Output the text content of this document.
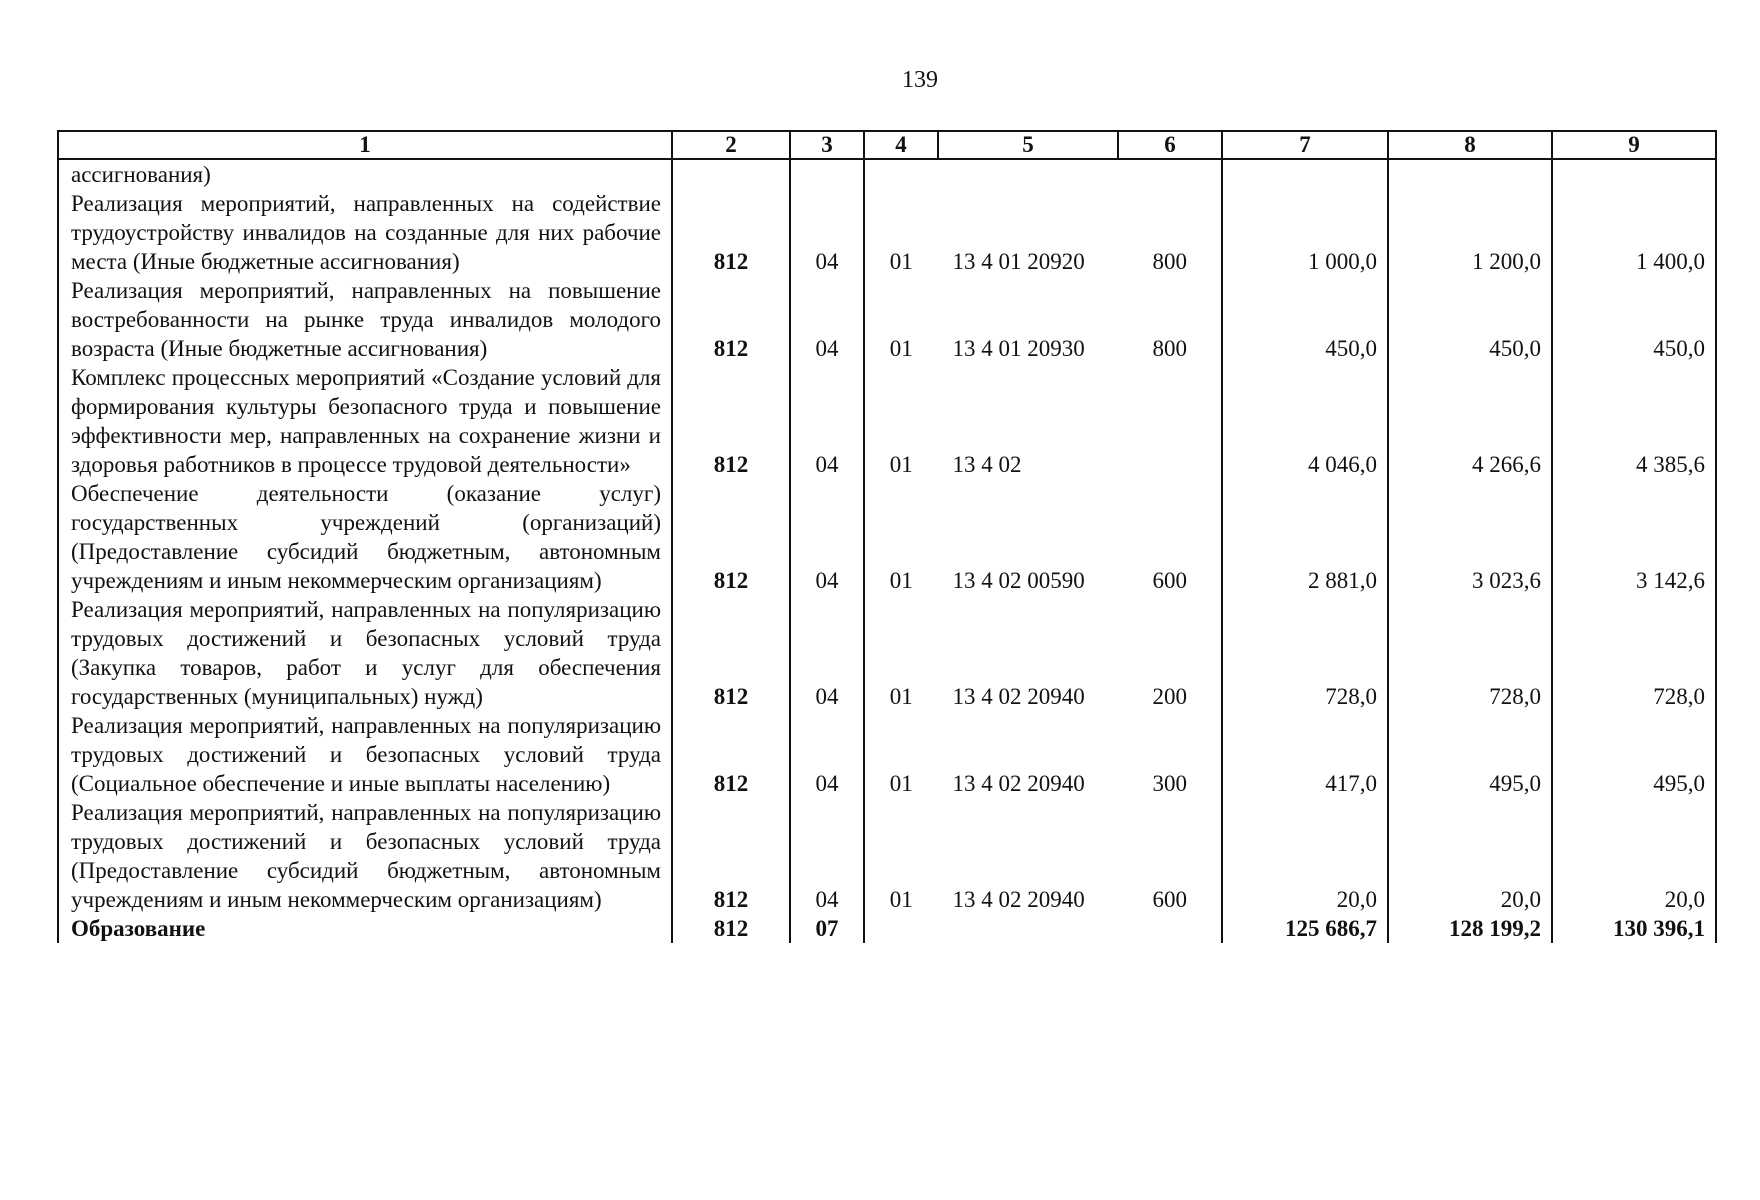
139
1	2	3	4	5	6	7	8	9
ассигнования)								
Реализация мероприятий, направленных на содействие трудоустройству инвалидов на созданные для них рабочие места (Иные бюджетные ассигнования)	812	04	01	13 4 01 20920	800	1 000,0	1 200,0	1 400,0
Реализация мероприятий, направленных на повышение востребованности на рынке труда инвалидов молодого возраста (Иные бюджетные ассигнования)	812	04	01	13 4 01 20930	800	450,0	450,0	450,0
Комплекс процессных мероприятий «Создание условий для формирования культуры безопасного труда и повышение эффективности мер, направленных на сохранение жизни и здоровья работников в процессе трудовой деятельности»	812	04	01	13 4 02		4 046,0	4 266,6	4 385,6
Обеспечение деятельности (оказание услуг) государственных учреждений (организаций) (Предоставление субсидий бюджетным, автономным учреждениям и иным некоммерческим организациям)	812	04	01	13 4 02 00590	600	2 881,0	3 023,6	3 142,6
Реализация мероприятий, направленных на популяризацию трудовых достижений и безопасных условий труда (Закупка товаров, работ и услуг для обеспечения государственных (муниципальных) нужд)	812	04	01	13 4 02 20940	200	728,0	728,0	728,0
Реализация мероприятий, направленных на популяризацию трудовых достижений и безопасных условий труда (Социальное обеспечение и иные выплаты населению)	812	04	01	13 4 02 20940	300	417,0	495,0	495,0
Реализация мероприятий, направленных на популяризацию трудовых достижений и безопасных условий труда (Предоставление субсидий бюджетным, автономным учреждениям и иным некоммерческим организациям)	812	04	01	13 4 02 20940	600	20,0	20,0	20,0
Образование	812	07				125 686,7	128 199,2	130 396,1
